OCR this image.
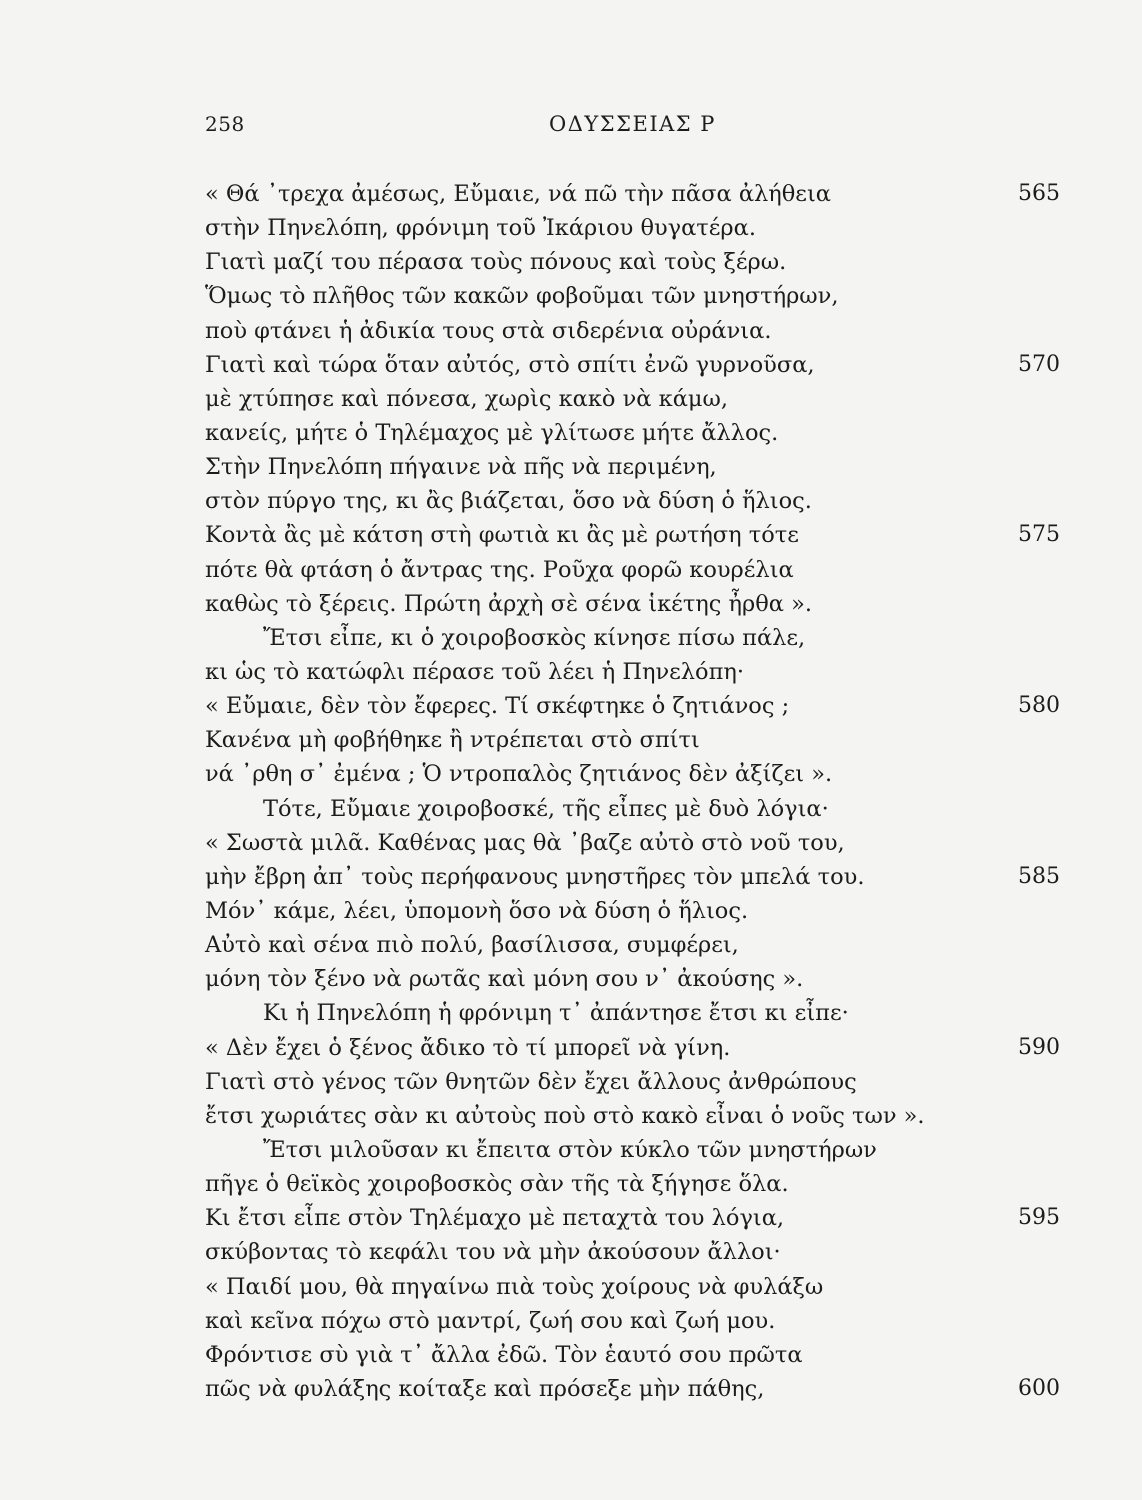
258	ΟΔΥΣΣΕΙΑΣ Ρ
« Θά ᾽τρεχα ἀμέσως, Εὔμαιε, νά πῶ τὴν πᾶσα ἀλήθεια	565
στὴν Πηνελόπη, φρόνιμη τοῦ Ἰκάριου θυγατέρα.
Γιατὶ μαζί του πέρασα τοὺς πόνους καὶ τοὺς ξέρω.
Ὅμως τὸ πλῆθος τῶν κακῶν φοβοῦμαι τῶν μνηστήρων,
ποὺ φτάνει ἡ ἀδικία τους στὰ σιδερένια οὐράνια.
Γιατὶ καὶ τώρα ὅταν αὐτός, στὸ σπίτι ἐνῶ γυρνοῦσα,	570
μὲ χτύπησε καὶ πόνεσα, χωρὶς κακὸ νὰ κάμω,
κανείς, μήτε ὁ Τηλέμαχος μὲ γλίτωσε μήτε ἄλλος.
Στὴν Πηνελόπη πήγαινε νὰ πῆς νὰ περιμένη,
στὸν πύργο της, κι ἂς βιάζεται, ὅσο νὰ δύση ὁ ἥλιος.
Κοντὰ ἂς μὲ κάτση στὴ φωτιὰ κι ἂς μὲ ρωτήση τότε	575
πότε θὰ φτάση ὁ ἄντρας της. Ροῦχα φορῶ κουρέλια
καθὼς τὸ ξέρεις. Πρώτη ἀρχὴ σὲ σένα ἱκέτης ἦρθα ».
Ἔτσι εἶπε, κι ὁ χοιροβοσκὸς κίνησε πίσω πάλε,
κι ὡς τὸ κατώφλι πέρασε τοῦ λέει ἡ Πηνελόπη·
« Εὔμαιε, δὲν τὸν ἔφερες. Τί σκέφτηκε ὁ ζητιάνος ;	580
Κανένα μὴ φοβήθηκε ἢ ντρέπεται στὸ σπίτι
νά ᾽ρθη σ᾽ ἐμένα ; Ὁ ντροπαλὸς ζητιάνος δὲν ἀξίζει ».
Τότε, Εὔμαιε χοιροβοσκέ, τῆς εἶπες μὲ δυὸ λόγια·
« Σωστὰ μιλᾶ. Καθένας μας θὰ ᾽βαζε αὐτὸ στὸ νοῦ του,
μὴν ἔβρη ἀπ᾽ τοὺς περήφανους μνηστῆρες τὸν μπελά του.	585
Μόν᾽ κάμε, λέει, ὑπομονὴ ὅσο νὰ δύση ὁ ἥλιος.
Αὐτὸ καὶ σένα πιὸ πολύ, βασίλισσα, συμφέρει,
μόνη τὸν ξένο νὰ ρωτᾶς καὶ μόνη σου ν᾽ ἀκούσης ».
Κι ἡ Πηνελόπη ἡ φρόνιμη τ᾽ ἀπάντησε ἔτσι κι εἶπε·
« Δὲν ἔχει ὁ ξένος ἄδικο τὸ τί μπορεῖ νὰ γίνη.	590
Γιατὶ στὸ γένος τῶν θνητῶν δὲν ἔχει ἄλλους ἀνθρώπους
ἔτσι χωριάτες σὰν κι αὐτοὺς ποὺ στὸ κακὸ εἶναι ὁ νοῦς των ».
Ἔτσι μιλοῦσαν κι ἔπειτα στὸν κύκλο τῶν μνηστήρων
πῆγε ὁ θεϊκὸς χοιροβοσκὸς σὰν τῆς τὰ ξήγησε ὅλα.
Κι ἔτσι εἶπε στὸν Τηλέμαχο μὲ πεταχτὰ του λόγια,	595
σκύβοντας τὸ κεφάλι του νὰ μὴν ἀκούσουν ἄλλοι·
« Παιδί μου, θὰ πηγαίνω πιὰ τοὺς χοίρους νὰ φυλάξω
καὶ κεῖνα πόχω στὸ μαντρί, ζωή σου καὶ ζωή μου.
Φρόντισε σὺ γιὰ τ᾽ ἄλλα ἐδῶ. Τὸν ἑαυτό σου πρῶτα
πῶς νὰ φυλάξης κοίταξε καὶ πρόσεξε μὴν πάθης,	600
